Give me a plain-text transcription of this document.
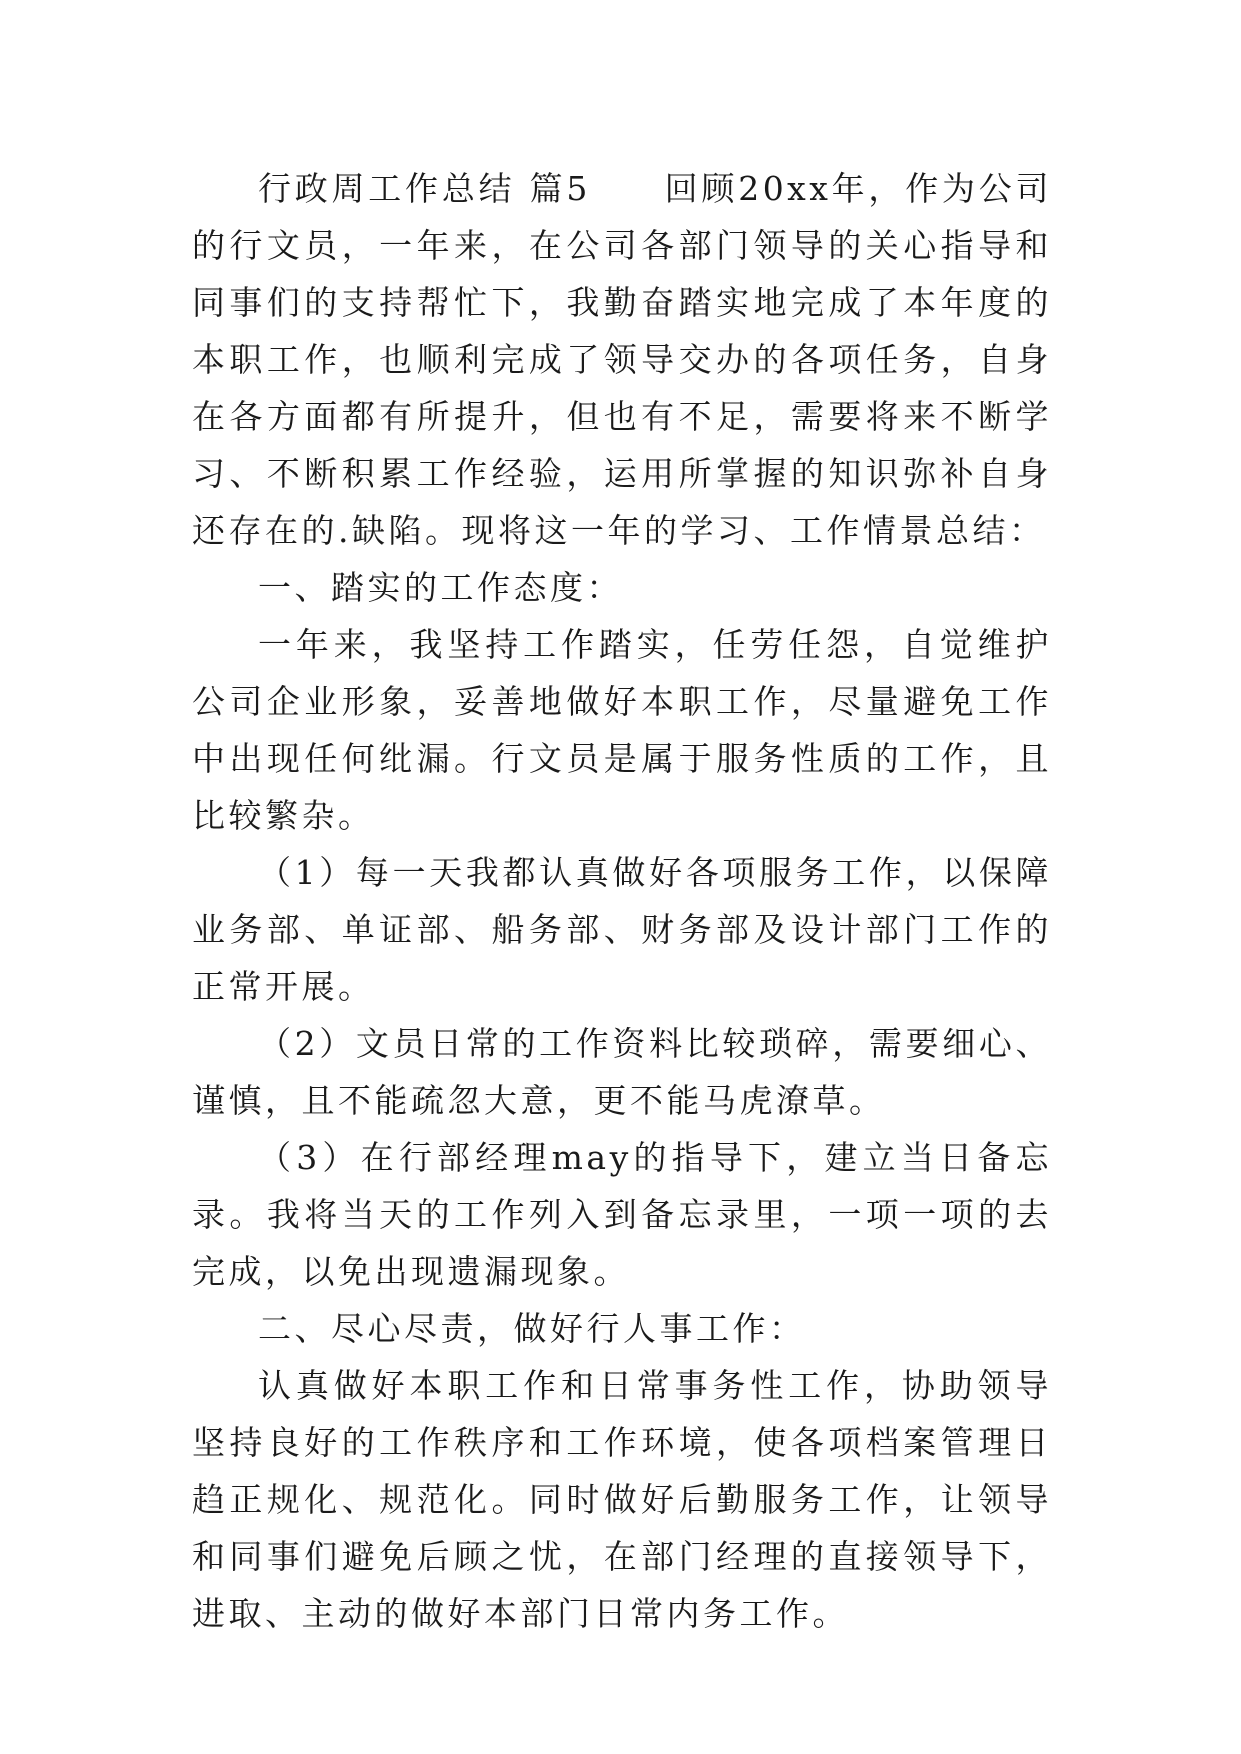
行政周工作总结 篇5　　回顾20xx年，作为公司的行文员，一年来，在公司各部门领导的关心指导和同事们的支持帮忙下，我勤奋踏实地完成了本年度的本职工作，也顺利完成了领导交办的各项任务，自身在各方面都有所提升，但也有不足，需要将来不断学习、不断积累工作经验，运用所掌握的知识弥补自身还存在的.缺陷。现将这一年的学习、工作情景总结：

一、踏实的工作态度：

一年来，我坚持工作踏实，任劳任怨，自觉维护公司企业形象，妥善地做好本职工作，尽量避免工作中出现任何纰漏。行文员是属于服务性质的工作，且比较繁杂。

（1）每一天我都认真做好各项服务工作，以保障业务部、单证部、船务部、财务部及设计部门工作的正常开展。

（2）文员日常的工作资料比较琐碎，需要细心、谨慎，且不能疏忽大意，更不能马虎潦草。

（3）在行部经理may的指导下，建立当日备忘录。我将当天的工作列入到备忘录里，一项一项的去完成，以免出现遗漏现象。

二、尽心尽责，做好行人事工作：

认真做好本职工作和日常事务性工作，协助领导坚持良好的工作秩序和工作环境，使各项档案管理日趋正规化、规范化。同时做好后勤服务工作，让领导和同事们避免后顾之忧，在部门经理的直接领导下，进取、主动的做好本部门日常内务工作。
